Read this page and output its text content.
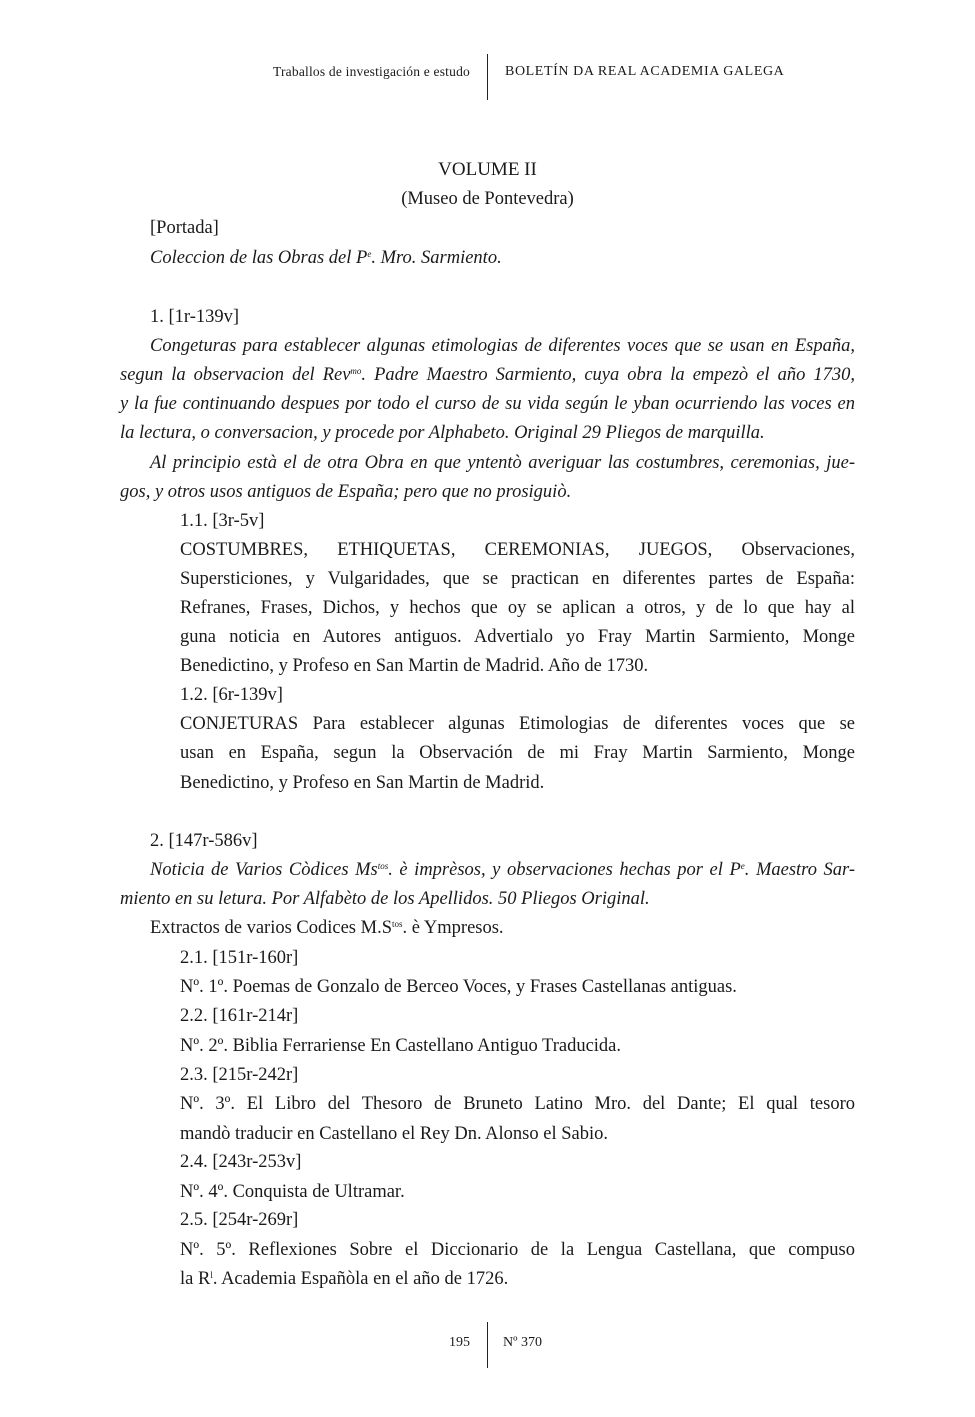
Traballos de investigación e estudo	BOLETÍN DA REAL ACADEMIA GALEGA
VOLUME II
(Museo de Pontevedra)
[Portada]
Coleccion de las Obras del $P^e$. Mro. Sarmiento.
1. [1r-139v]
Congeturas para establecer algunas etimologias de diferentes voces que se usan en España,
segun la observacion del Rev$^{mo}$. Padre Maestro Sarmiento, cuya obra la empezò el año 1730,
y la fue continuando despues por todo el curso de su vida según le yban ocurriendo las voces en
la lectura, o conversacion, y procede por Alphabeto. Original 29 Pliegos de marquilla.
Al principio està el de otra Obra en que yntentò averiguar las costumbres, ceremonias, jue-
gos, y otros usos antiguos de España; pero que no prosiguiò.
1.1. [3r-5v]
COSTUMBRES, ETHIQUETAS, CEREMONIAS, JUEGOS, Observaciones,
Supersticiones, y Vulgaridades, que se practican en diferentes partes de España:
Refranes, Frases, Dichos, y hechos que oy se aplican a otros, y de lo que hay al
guna noticia en Autores antiguos. Advertialo yo Fray Martin Sarmiento, Monge
Benedictino, y Profeso en San Martin de Madrid. Año de 1730.
1.2. [6r-139v]
CONJETURAS Para establecer algunas Etimologias de diferentes voces que se
usan en España, segun la Observación de mi Fray Martin Sarmiento, Monge
Benedictino, y Profeso en San Martin de Madrid.
2. [147r-586v]
Noticia de Varios Còdices $Ms^{tos}$. è imprèsos, y observaciones hechas por el $P^e$. Maestro Sar-
miento en su letura. Por Alfabèto de los Apellidos. 50 Pliegos Original.
Extractos de varios Codices $M.S^{tos}$. è Ympresos.
2.1. [151r-160r]
Nº. 1º. Poemas de Gonzalo de Berceo Voces, y Frases Castellanas antiguas.
2.2. [161r-214r]
Nº. 2º. Biblia Ferrariense En Castellano Antiguo Traducida.
2.3. [215r-242r]
Nº. 3º. El Libro del Thesoro de Bruneto Latino Mro. del Dante; El qual tesoro
mandò traducir en Castellano el Rey Dn. Alonso el Sabio.
2.4. [243r-253v]
Nº. 4º. Conquista de Ultramar.
2.5. [254r-269r]
Nº. 5º. Reflexiones Sobre el Diccionario de la Lengua Castellana, que compuso
la $R^l$. Academia Españòla en el año de 1726.
195 Nº 370
